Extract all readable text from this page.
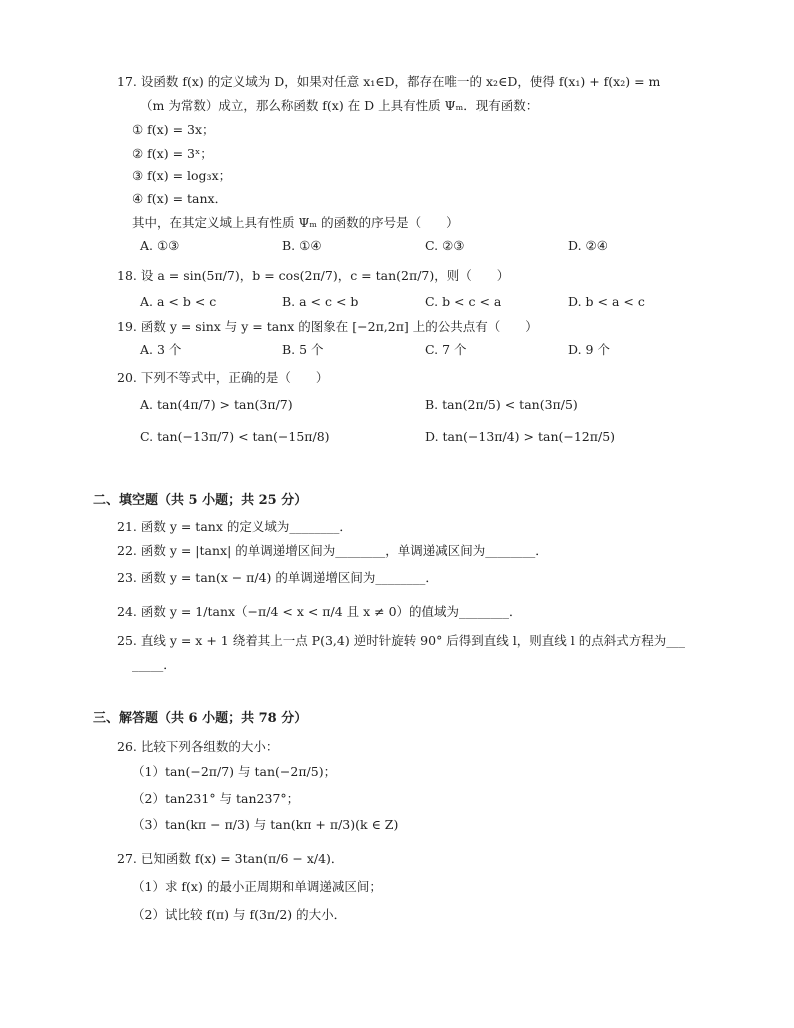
17. 设函数 f(x) 的定义域为 D，如果对任意 x₁∈D，都存在唯一的 x₂∈D，使得 f(x₁) + f(x₂) = m
（m 为常数）成立，那么称函数 f(x) 在 D 上具有性质 Ψₘ．现有函数：
① f(x) = 3x；
② f(x) = 3ˣ；
③ f(x) = log₃x；
④ f(x) = tanx．
其中，在其定义域上具有性质 Ψₘ 的函数的序号是（　　）
A. ①③	B. ①④	C. ②③	D. ②④
18. 设 a = sin(5π/7)，b = cos(2π/7)，c = tan(2π/7)，则（　　）
A. a < b < c	B. a < c < b	C. b < c < a	D. b < a < c
19. 函数 y = sinx 与 y = tanx 的图象在 [−2π,2π] 上的公共点有（　　）
A. 3 个	B. 5 个	C. 7 个	D. 9 个
20. 下列不等式中，正确的是（　　）
A. tan(4π/7) > tan(3π/7)	B. tan(2π/5) < tan(3π/5)
C. tan(−13π/7) < tan(−15π/8)	D. tan(−13π/4) > tan(−12π/5)
二、填空题（共 5 小题；共 25 分）
21. 函数 y = tanx 的定义域为________．
22. 函数 y = |tanx| 的单调递增区间为________，单调递减区间为________．
23. 函数 y = tan(x − π/4) 的单调递增区间为________．
24. 函数 y = 1/tanx（−π/4 < x < π/4 且 x ≠ 0）的值域为________．
25. 直线 y = x + 1 绕着其上一点 P(3,4) 逆时针旋转 90° 后得到直线 l，则直线 l 的点斜式方程为___
_____．
三、解答题（共 6 小题；共 78 分）
26. 比较下列各组数的大小：
（1）tan(−2π/7) 与 tan(−2π/5)；
（2）tan231° 与 tan237°；
（3）tan(kπ − π/3) 与 tan(kπ + π/3)(k ∈ Z)
27. 已知函数 f(x) = 3tan(π/6 − x/4)．
（1）求 f(x) 的最小正周期和单调递减区间；
（2）试比较 f(π) 与 f(3π/2) 的大小．
